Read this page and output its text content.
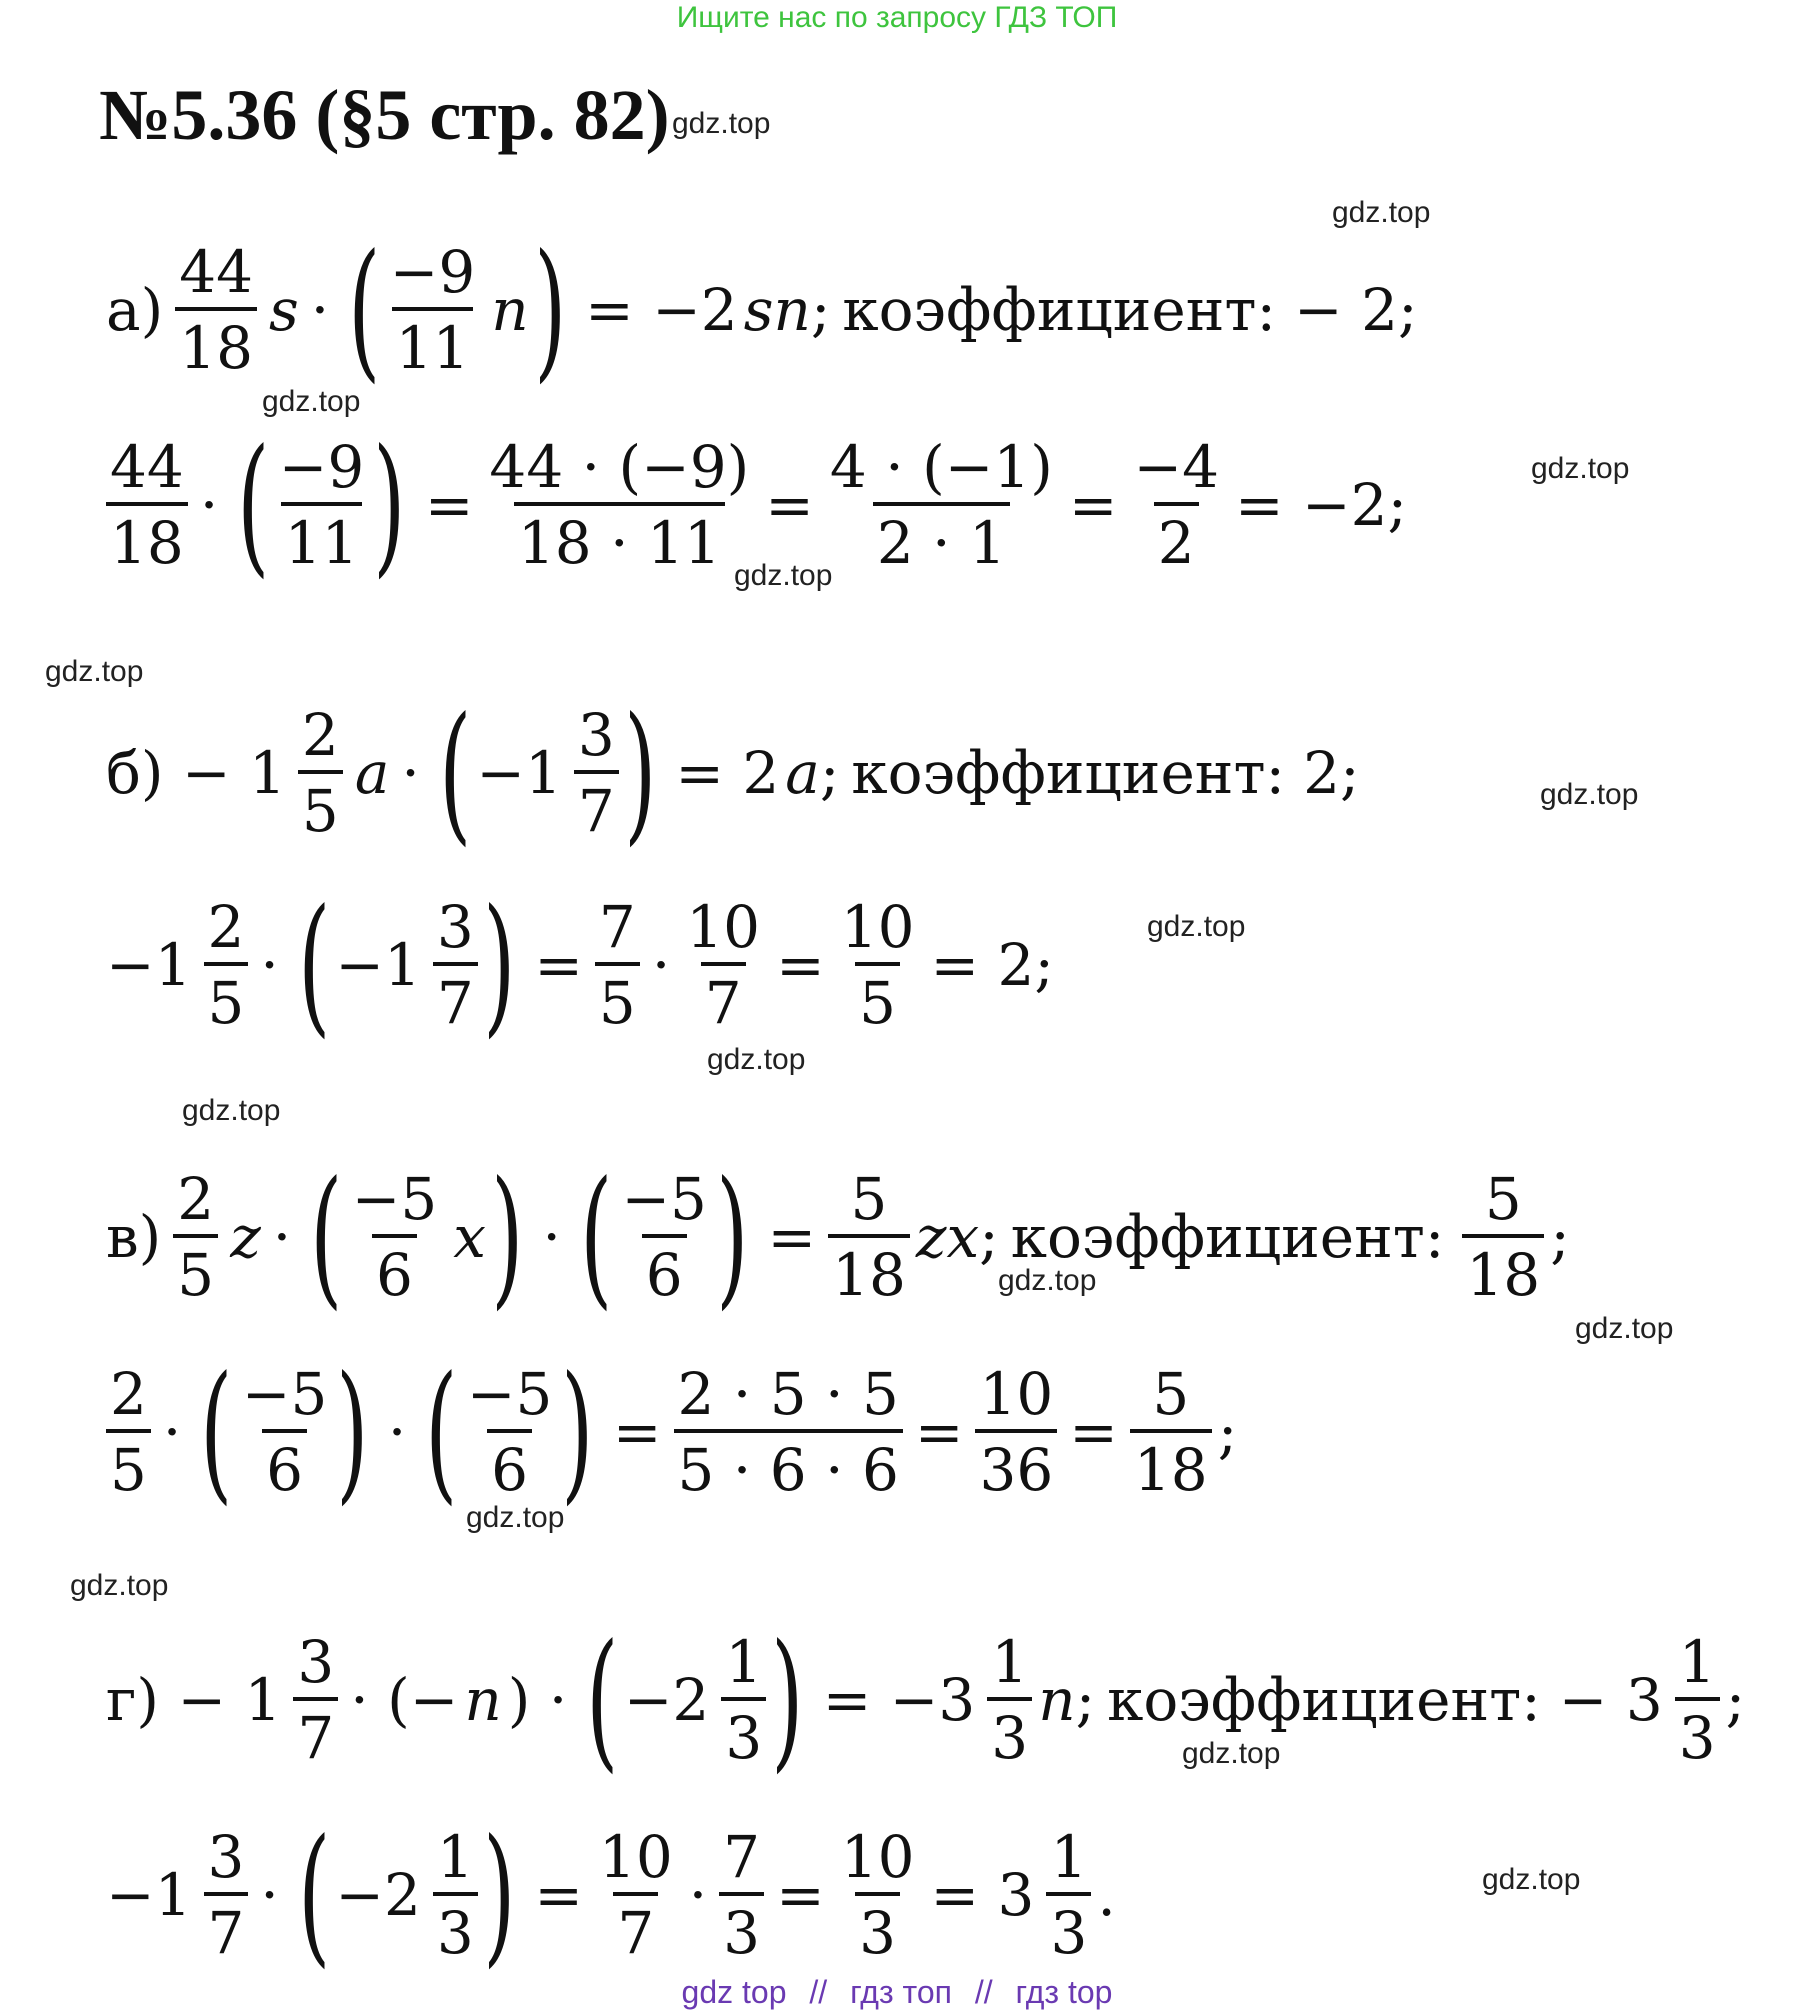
Ищите нас по запросу ГДЗ ТОП
№5.36 (§5 стр. 82) gdz.top
gdz.top
gdz.top
gdz.top
gdz.top
gdz.top
gdz.top
gdz.top
gdz.top
gdz.top
gdz.top
gdz.top
gdz.top
gdz.top
gdz.top
gdz.top
$а) \frac{44}{18}$ s · ( $\frac{-9}{11}$ n
) = −2 sn ; коэффициент: − 2;
$\frac{44}{18}$ · ( $\frac{-9}{11}$
) = $\frac{44 \cdot (-9)}{18 \cdot 11} = \frac{4 \cdot (-1)}{2 \cdot 1} = \frac{-4}{2} = -2$;
$б) - 1 \frac{2}{5}$ a · ( $-1 \frac{3}{7}$
) = 2 a ; коэффициент: 2;
$-1 \frac{2}{5}$ · ( $-1 \frac{3}{7}$
) = $\frac{7}{5} \cdot \frac{10}{7} = \frac{10}{5} = 2$;
$в) \frac{2}{5}$ z · ( $\frac{-5}{6}$ x
) · ( $\frac{-5}{6}$
) = $\frac{5}{18}$ zx ; коэффициент: $\frac{5}{18}$ ;
$\frac{2}{5}$ · ( $\frac{-5}{6}$
) · ( $\frac{-5}{6}$
) = $\frac{2 \cdot 5 \cdot 5}{5 \cdot 6 \cdot 6} = \frac{10}{36} = \frac{5}{18}$ ;
$г) - 1 \frac{3}{7}$ · (− n ) · ( $-2 \frac{1}{3}$
) = $-3 \frac{1}{3}$ n ; коэффициент: − $3 \frac{1}{3}$ ;
$-1 \frac{3}{7}$ · ( $-2 \frac{1}{3}$
) = $\frac{10}{7} \cdot \frac{7}{3} = \frac{10}{3} = 3 \frac{1}{3}$ .
gdz top // гдз топ // гдз top
